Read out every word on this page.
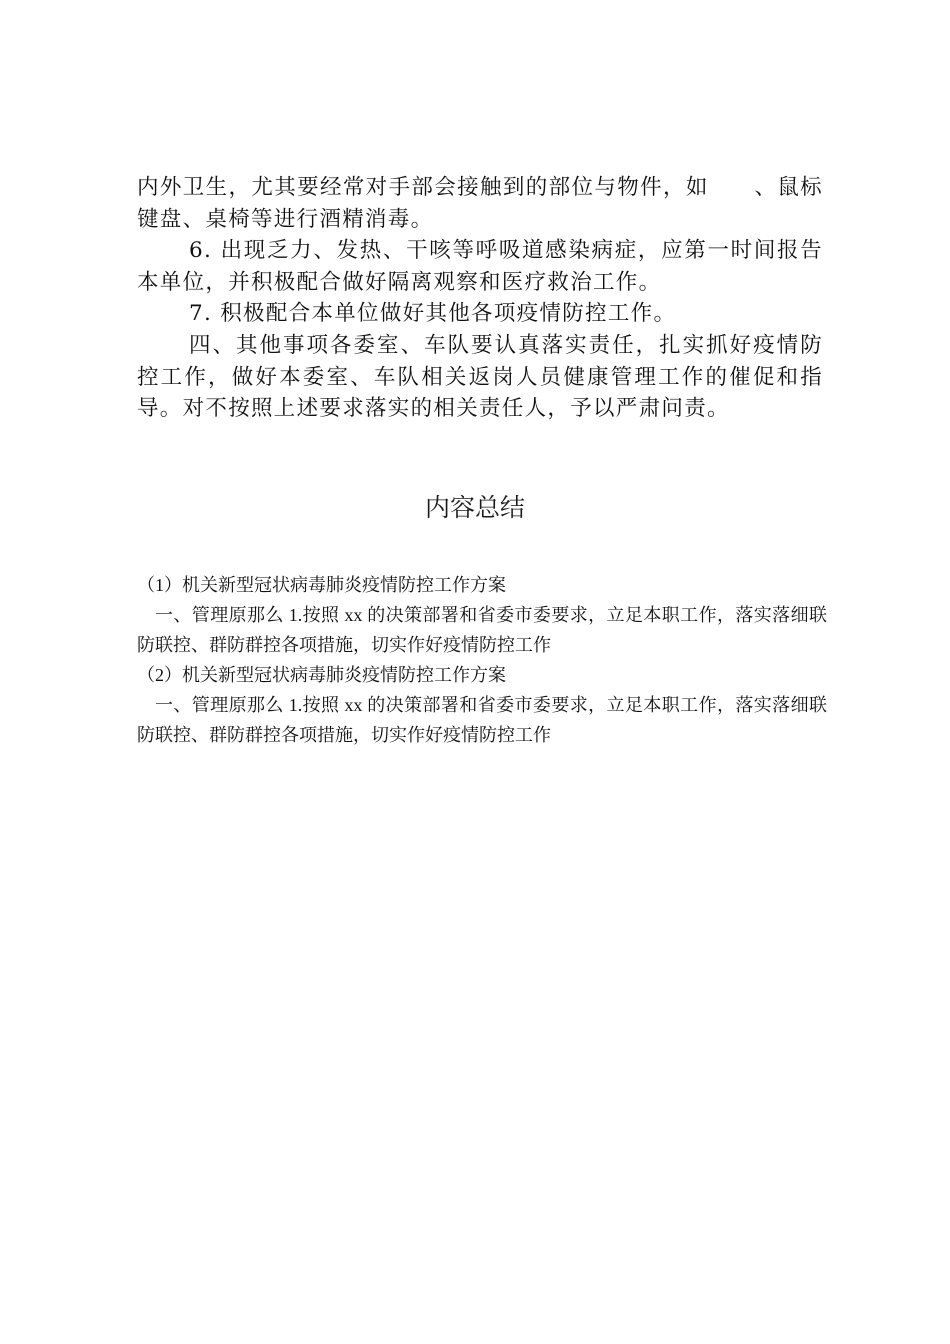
内外卫生，尤其要经常对手部会接触到的部位与物件，如　　、鼠标键盘、桌椅等进行酒精消毒。

6. 出现乏力、发热、干咳等呼吸道感染病症，应第一时间报告本单位，并积极配合做好隔离观察和医疗救治工作。

7. 积极配合本单位做好其他各项疫情防控工作。

四、其他事项各委室、车队要认真落实责任，扎实抓好疫情防控工作，做好本委室、车队相关返岗人员健康管理工作的催促和指导。对不按照上述要求落实的相关责任人，予以严肃问责。

内容总结

（1）机关新型冠状病毒肺炎疫情防控工作方案

一、管理原那么 1.按照 xx 的决策部署和省委市委要求，立足本职工作，落实落细联防联控、群防群控各项措施，切实作好疫情防控工作

（2）机关新型冠状病毒肺炎疫情防控工作方案

一、管理原那么 1.按照 xx 的决策部署和省委市委要求，立足本职工作，落实落细联防联控、群防群控各项措施，切实作好疫情防控工作
